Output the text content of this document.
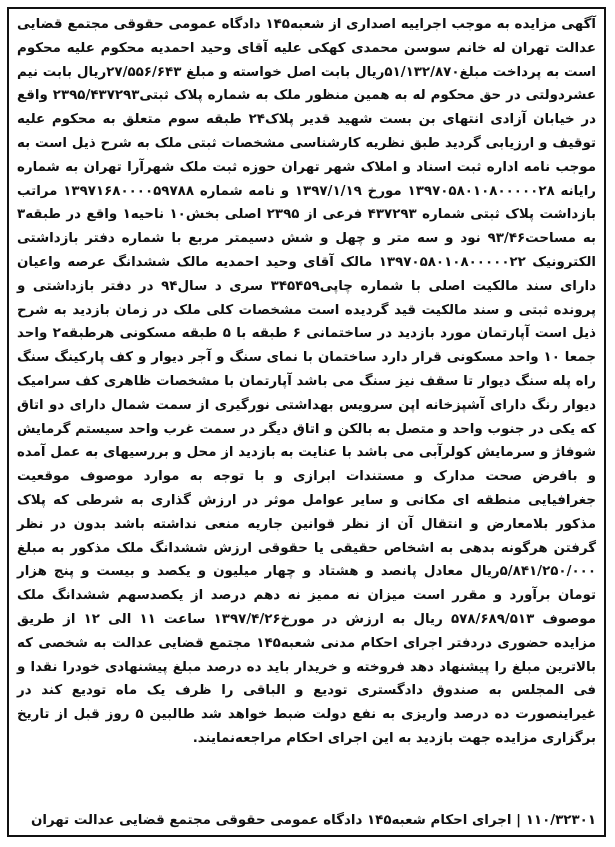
آگهی مزایده به موجب اجراییه اصداری از شعبه۱۴۵ دادگاه عمومی حقوقی مجتمع قضایی عدالت تهران له خانم سوسن محمدی کهکی علیه آقای وحید احمدیه محکوم علیه محکوم است به پرداخت مبلغ۵۱/۱۳۲/۸۷۰ریال بابت اصل خواسته و مبلغ ۲۷/۵۵۶/۶۴۳ریال بابت نیم عشردولتی در حق محکوم له به همین منظور ملک به شماره پلاک ثبتی۲۳۹۵/۴۳۷۲۹۳ واقع در خیابان آزادی انتهای بن بست شهید قدیر پلاک۲۴ طبقه سوم متعلق به محکوم علیه توقیف و ارزیابی گردید طبق نظریه کارشناسی مشخصات ثبتی ملک به شرح ذیل است به موجب نامه اداره ثبت اسناد و املاک شهر تهران حوزه ثبت ملک شهرآرا تهران به شماره رایانه ۱۳۹۷۰۵۸۰۱۰۸۰۰۰۰۰۲۸ مورخ ۱۳۹۷/۱/۱۹ و نامه شماره ۱۳۹۷۱۶۸۰۰۰۰۵۹۷۸۸ مراتب بازداشت پلاک ثبتی شماره ۴۳۷۲۹۳ فرعی از ۲۳۹۵ اصلی بخش۱۰ ناحیه۱ واقع در طبقه۳ به مساحت۹۳/۴۶ نود و سه متر و چهل و شش دسیمتر مربع با شماره دفتر بازداشتی الکترونیک ۱۳۹۷۰۵۸۰۱۰۸۰۰۰۰۰۲۲ مالک آقای وحید احمدیه مالک ششدانگ عرصه واعیان دارای سند مالکیت اصلی با شماره چاپی۳۴۵۴۵۹ سری د سال۹۴ در دفتر بازداشتی و پرونده ثبتی و سند مالکیت قید گردیده است مشخصات کلی ملک در زمان بازدید به شرح ذیل است آپارتمان مورد بازدید در ساختمانی ۶ طبقه با ۵ طبقه مسکونی هرطبقه۲ واحد جمعا ۱۰ واحد مسکونی قرار دارد ساختمان با نمای سنگ و آجر دیوار و کف پارکینگ سنگ راه پله سنگ دیوار تا سقف نیز سنگ می باشد آپارتمان با مشخصات ظاهری کف سرامیک دیوار رنگ دارای آشپزخانه اپن سرویس بهداشتی نورگیری از سمت شمال دارای دو اتاق که یکی در جنوب واحد و متصل به بالکن و اتاق دیگر در سمت غرب واحد سیستم گرمایش شوفاژ و سرمایش کولرآبی می باشد با عنایت به بازدید از محل و بررسیهای به عمل آمده و بافرض صحت مدارک و مستندات ابرازی و با توجه به موارد موصوف موقعیت جغرافیایی منطقه ای مکانی و سایر عوامل موثر در ارزش گذاری به شرطی که پلاک مذکور بلامعارض و انتقال آن از نظر قوانین جاریه منعی نداشته باشد بدون در نظر گرفتن هرگونه بدهی به اشخاص حقیقی یا حقوقی ارزش ششدانگ ملک مذکور به مبلغ ۵/۸۴۱/۲۵۰/۰۰۰ریال معادل پانصد و هشتاد و چهار میلیون و یکصد و بیست و پنج هزار تومان برآورد و مقرر است میزان نه ممیز نه دهم درصد از یکصدسهم ششدانگ ملک موصوف ۵۷۸/۶۸۹/۵۱۳ ریال به ارزش در مورخ۱۳۹۷/۴/۲۶ ساعت ۱۱ الی ۱۲ از طریق مزایده حضوری دردفتر اجرای احکام مدنی شعبه۱۴۵ مجتمع قضایی عدالت به شخصی که بالاترین مبلغ را پیشنهاد دهد فروخته و خریدار باید ده درصد مبلغ پیشنهادی خودرا نقدا و فی المجلس به صندوق دادگستری تودیع و الباقی را ظرف یک ماه تودیع کند در غیراینصورت ده درصد واریزی به نفع دولت ضبط خواهد شد طالبین ۵ روز قبل از تاریخ برگزاری مزایده جهت بازدید به این اجرای احکام مراجعه‌نمایند.

۱۱۰/۳۲۳۰۱ | اجرای احکام شعبه۱۴۵ دادگاه عمومی حقوقی مجتمع قضایی عدالت تهران
